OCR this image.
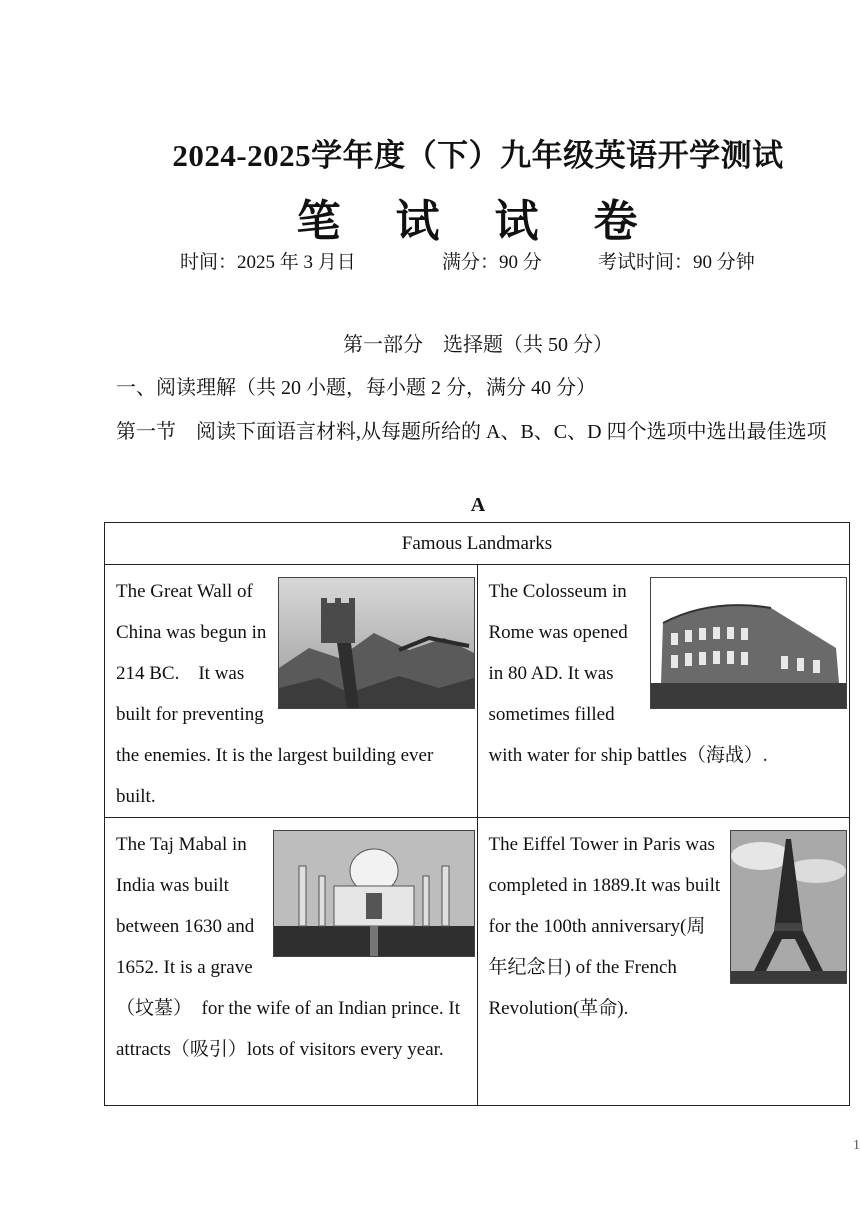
2024-2025学年度（下）九年级英语开学测试
笔 试 试 卷
时间：2025 年 3 月日	满分：90 分	考试时间：90 分钟
第一部分　选择题（共 50 分）
一、阅读理解（共 20 小题，每小题 2 分，满分 40 分）
第一节　阅读下面语言材料,从每题所给的 A、B、C、D 四个选项中选出最佳选项
A
Famous Landmarks	

The Great Wall of China was begun in 214 BC.　It was built for preventing the enemies. It is the largest building ever built.	The Colosseum in Rome was opened in 80 AD. It was sometimes filled with water for ship battles（海战）.

The Taj Mabal in India was built between 1630 and 1652. It is a grave（坟墓）　for the wife of an Indian prince. It attracts（吸引）lots of visitors every year.	The Eiffel Tower in Paris was completed in 1889.It was built for the 100th anniversary(周年纪念日) of the French Revolution(革命).
1
